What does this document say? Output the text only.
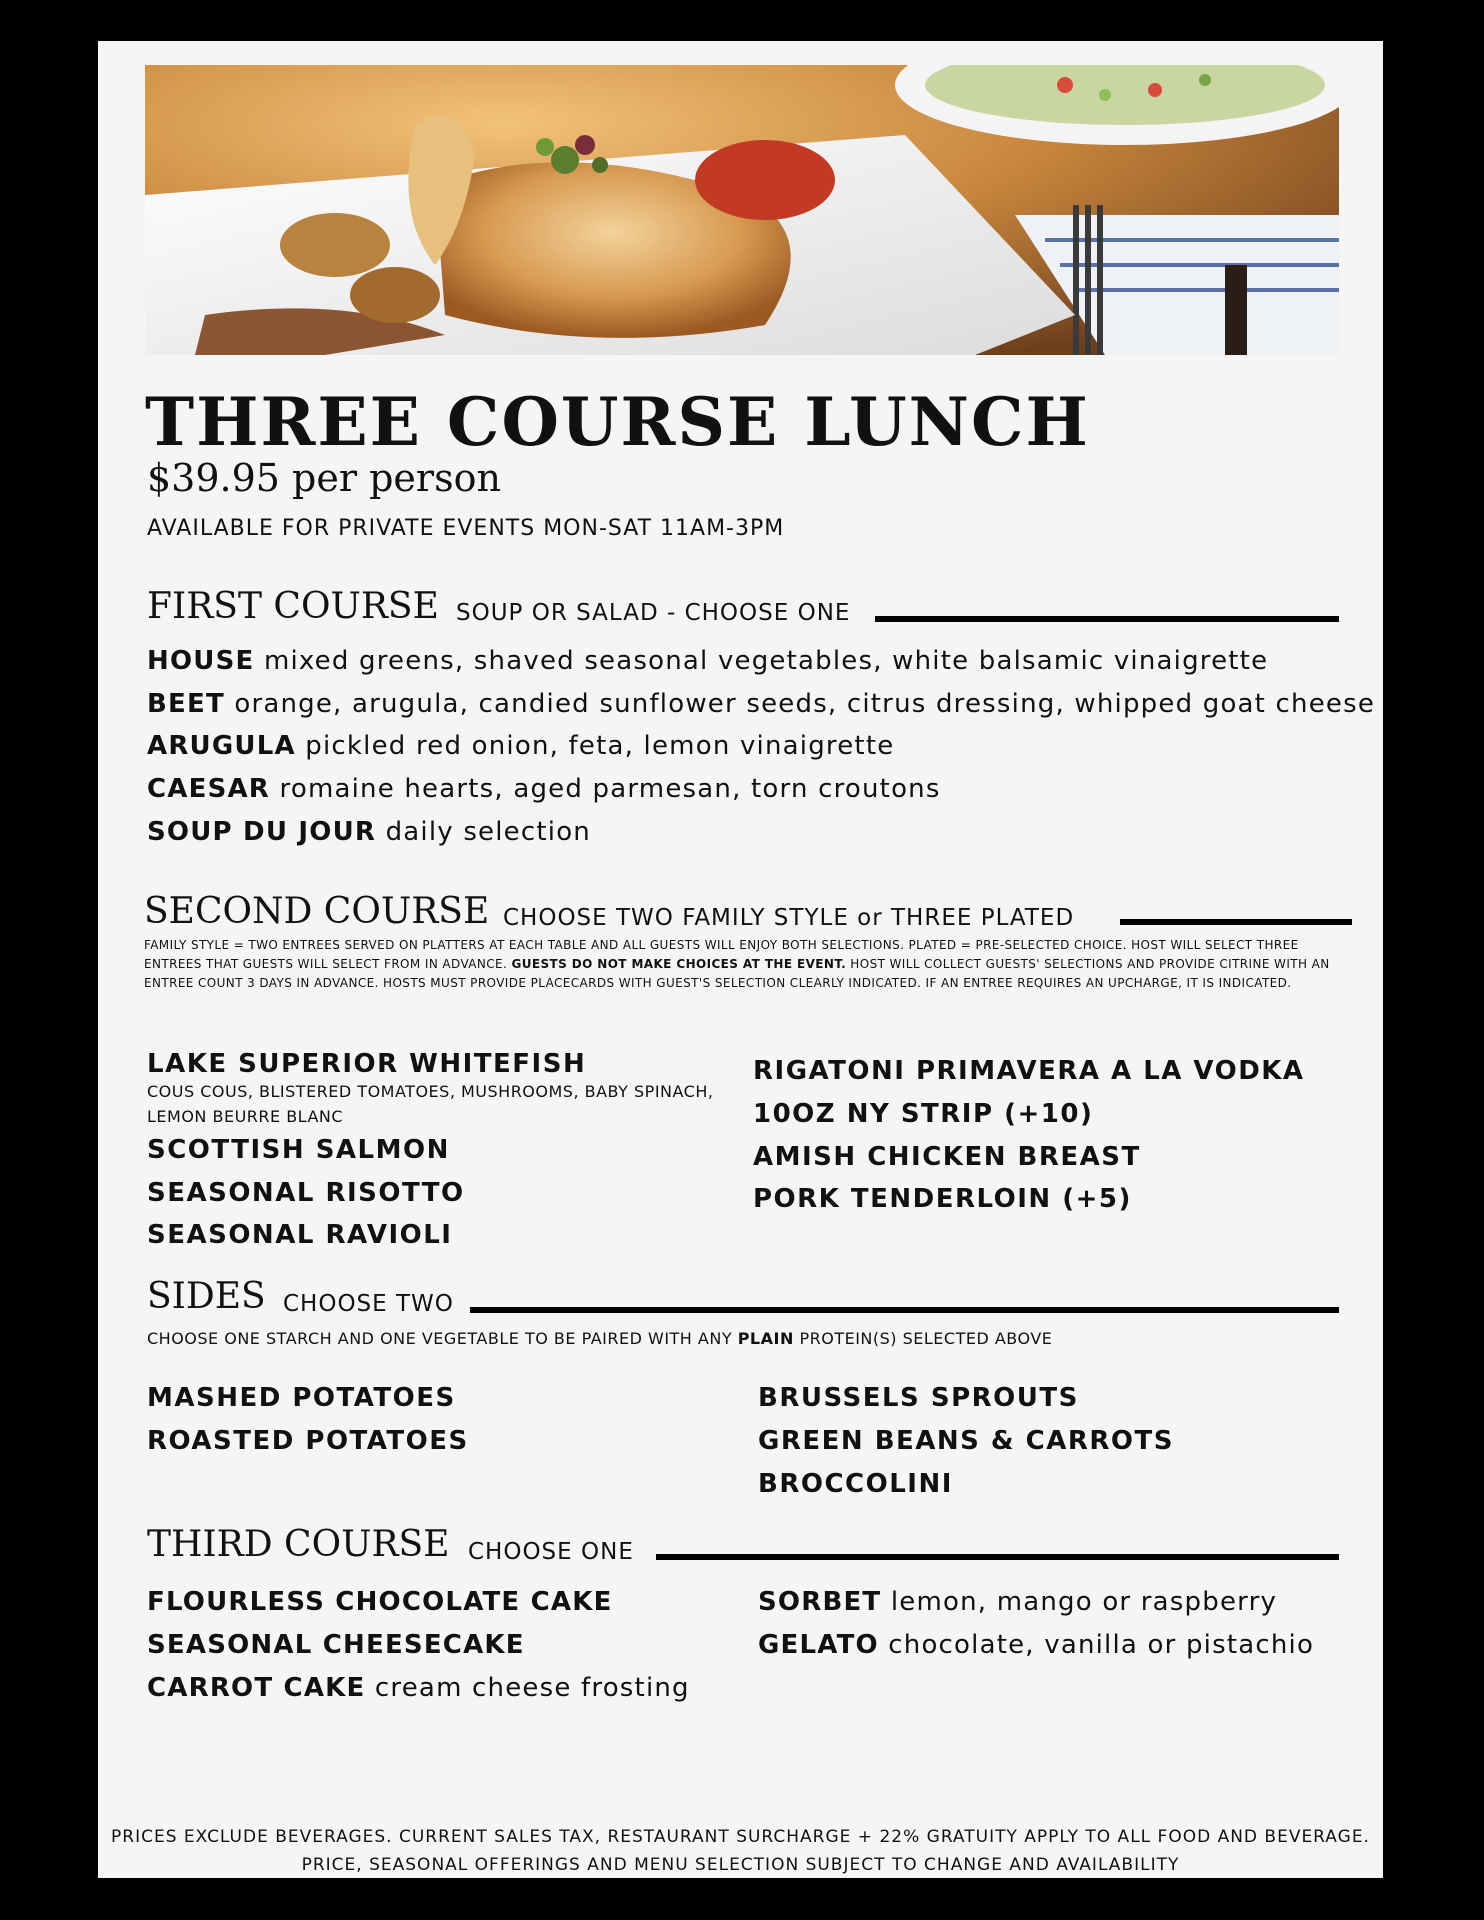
THREE COURSE LUNCH
$39.95 per person
AVAILABLE FOR PRIVATE EVENTS MON-SAT 11AM-3PM
FIRST COURSE SOUP OR SALAD - CHOOSE ONE
HOUSE mixed greens, shaved seasonal vegetables, white balsamic vinaigrette
BEET orange, arugula, candied sunflower seeds, citrus dressing, whipped goat cheese
ARUGULA pickled red onion, feta, lemon vinaigrette
CAESAR romaine hearts, aged parmesan, torn croutons
SOUP DU JOUR daily selection
SECOND COURSE CHOOSE TWO FAMILY STYLE or THREE PLATED
FAMILY STYLE = TWO ENTREES SERVED ON PLATTERS AT EACH TABLE AND ALL GUESTS WILL ENJOY BOTH SELECTIONS. PLATED = PRE-SELECTED CHOICE. HOST WILL SELECT THREE ENTREES THAT GUESTS WILL SELECT FROM IN ADVANCE. GUESTS DO NOT MAKE CHOICES AT THE EVENT. HOST WILL COLLECT GUESTS' SELECTIONS AND PROVIDE CITRINE WITH AN ENTREE COUNT 3 DAYS IN ADVANCE. HOSTS MUST PROVIDE PLACECARDS WITH GUEST'S SELECTION CLEARLY INDICATED. IF AN ENTREE REQUIRES AN UPCHARGE, IT IS INDICATED.
LAKE SUPERIOR WHITEFISH
COUS COUS, BLISTERED TOMATOES, MUSHROOMS, BABY SPINACH,
LEMON BEURRE BLANC
SCOTTISH SALMON
SEASONAL RISOTTO
SEASONAL RAVIOLI
RIGATONI PRIMAVERA A LA VODKA
10OZ NY STRIP (+10)
AMISH CHICKEN BREAST
PORK TENDERLOIN (+5)
SIDES CHOOSE TWO
CHOOSE ONE STARCH AND ONE VEGETABLE TO BE PAIRED WITH ANY PLAIN PROTEIN(S) SELECTED ABOVE
MASHED POTATOES
ROASTED POTATOES
BRUSSELS SPROUTS
GREEN BEANS & CARROTS
BROCCOLINI
THIRD COURSE CHOOSE ONE
FLOURLESS CHOCOLATE CAKE
SEASONAL CHEESECAKE
CARROT CAKE cream cheese frosting
SORBET lemon, mango or raspberry
GELATO chocolate, vanilla or pistachio
PRICES EXCLUDE BEVERAGES. CURRENT SALES TAX, RESTAURANT SURCHARGE + 22% GRATUITY APPLY TO ALL FOOD AND BEVERAGE.
PRICE, SEASONAL OFFERINGS AND MENU SELECTION SUBJECT TO CHANGE AND AVAILABILITY
